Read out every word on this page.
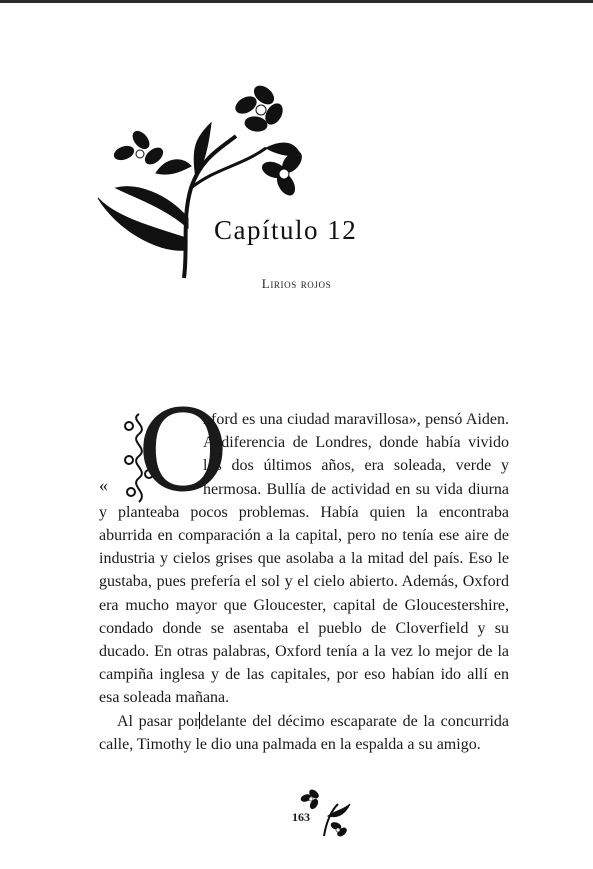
Capítulo 12
Lirios rojos

« O
xford es una ciudad maravillosa», pensó Aiden. A diferencia de Londres, donde había vivido los dos últimos años, era soleada, verde y hermosa. Bullía de actividad en su vida diurna y planteaba pocos problemas. Había quien la encontraba aburrida en comparación a la capital, pero no tenía ese aire de industria y cielos grises que asolaba a la mitad del país. Eso le gustaba, pues prefería el sol y el cielo abierto. Además, Oxford era mucho mayor que Gloucester, capital de Gloucestershire, condado donde se asentaba el pueblo de Cloverfield y su ducado. En otras palabras, Oxford tenía a la vez lo mejor de la campiña inglesa y de las capitales, por eso habían ido allí en esa soleada mañana.

Al pasar pordelante del décimo escaparate de la concurrida calle, Timothy le dio una palmada en la espalda a su amigo.

163
